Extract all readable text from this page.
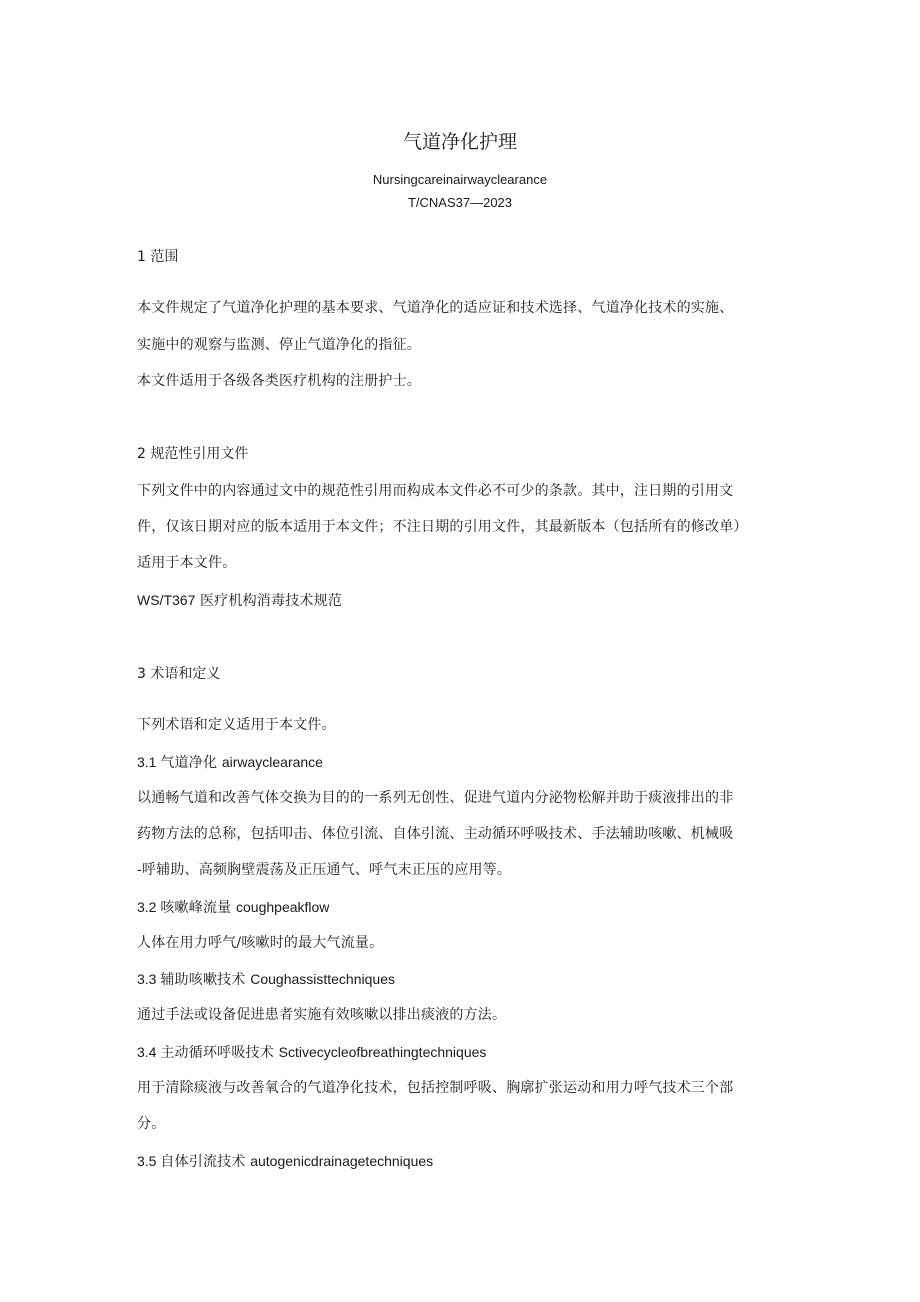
气道净化护理
Nursingcareinairwayclearance
T/CNAS37—2023
1 范围
本文件规定了气道净化护理的基本要求、气道净化的适应证和技术选择、气道净化技术的实施、
实施中的观察与监测、停止气道净化的指征。
本文件适用于各级各类医疗机构的注册护士。
2 规范性引用文件
下列文件中的内容通过文中的规范性引用而构成本文件必不可少的条款。其中，注日期的引用文
件，仅该日期对应的版本适用于本文件；不注日期的引用文件，其最新版本（包括所有的修改单）
适用于本文件。
WS/T367 医疗机构消毒技术规范
3 术语和定义
下列术语和定义适用于本文件。
3.1 气道净化 airwayclearance
以通畅气道和改善气体交换为目的的一系列无创性、促进气道内分泌物松解并助于痰液排出的非
药物方法的总称，包括叩击、体位引流、自体引流、主动循环呼吸技术、手法辅助咳嗽、机械吸
-呼辅助、高频胸壁震荡及正压通气、呼气末正压的应用等。
3.2 咳嗽峰流量 coughpeakflow
人体在用力呼气/咳嗽时的最大气流量。
3.3 辅助咳嗽技术 Coughassisttechniques
通过手法或设备促进患者实施有效咳嗽以排出痰液的方法。
3.4 主动循环呼吸技术 Sctivecycleofbreathingtechniques
用于清除痰液与改善氧合的气道净化技术，包括控制呼吸、胸廓扩张运动和用力呼气技术三个部
分。
3.5 自体引流技术 autogenicdrainagetechniques
